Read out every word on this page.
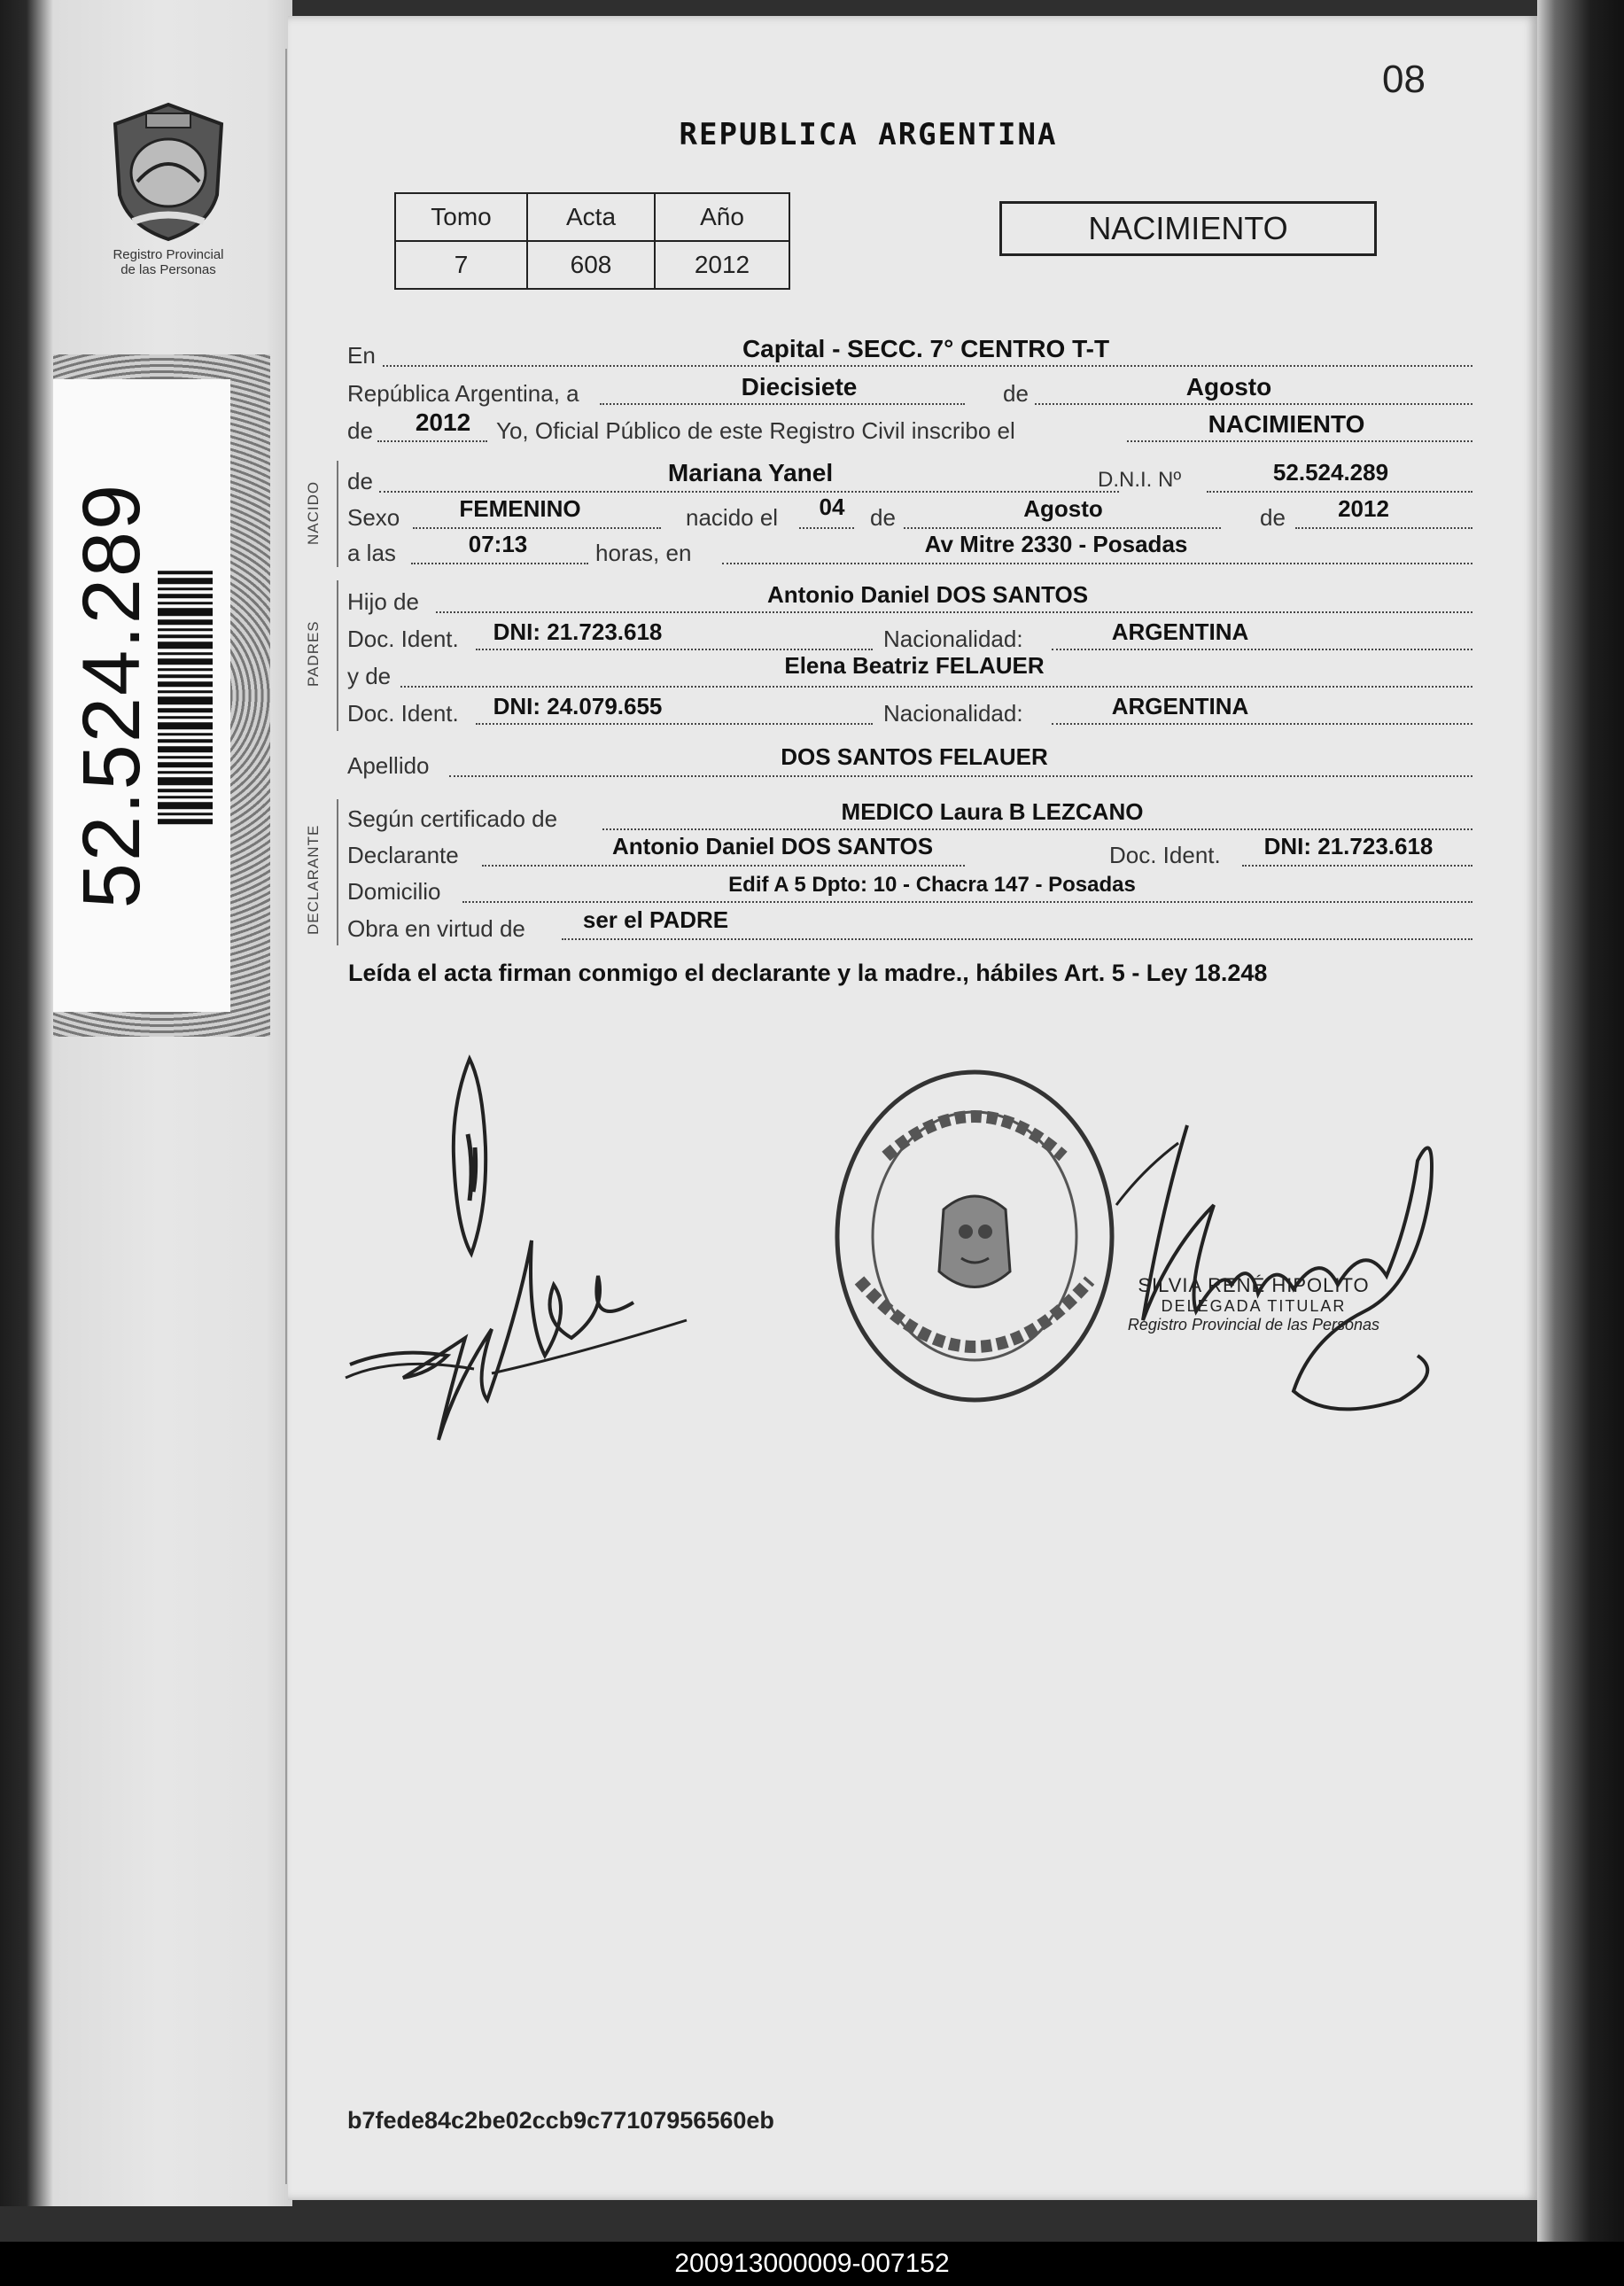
Registro Provincial
de las Personas
52.524.289
08
REPUBLICA ARGENTINA
Tomo	Acta	Año
7	608	2012
NACIMIENTO
En	Capital - SECC. 7° CENTRO T-T
República Argentina, a	Diecisiete	de	Agosto
de 2012 Yo, Oficial Público de este Registro Civil inscribo el	NACIMIENTO
NACIDO de	Mariana Yanel	D.N.I. Nº	52.524.289
Sexo	FEMENINO	nacido el 04 de	Agosto	de 2012
a las	07:13	horas, en	Av Mitre 2330 - Posadas
PADRES
Hijo de	Antonio Daniel DOS SANTOS
Doc. Ident. DNI: 21.723.618	Nacionalidad:	ARGENTINA
y de	Elena Beatriz FELAUER
Doc. Ident. DNI: 24.079.655	Nacionalidad:	ARGENTINA
Apellido	DOS SANTOS FELAUER
DECLARANTE
Según certificado de	MEDICO Laura B LEZCANO
Declarante	Antonio Daniel DOS SANTOS	Doc. Ident. DNI: 21.723.618
Domicilio	Edif A 5 Dpto: 10 - Chacra 147 - Posadas
Obra en virtud de ser el PADRE
Leída el acta firman conmigo el declarante y la madre., hábiles Art. 5 - Ley 18.248
SILVIA RENÉ HIPOLITO
DELEGADA TITULAR
Registro Provincial de las Personas
b7fede84c2be02ccb9c77107956560eb
200913000009-007152
